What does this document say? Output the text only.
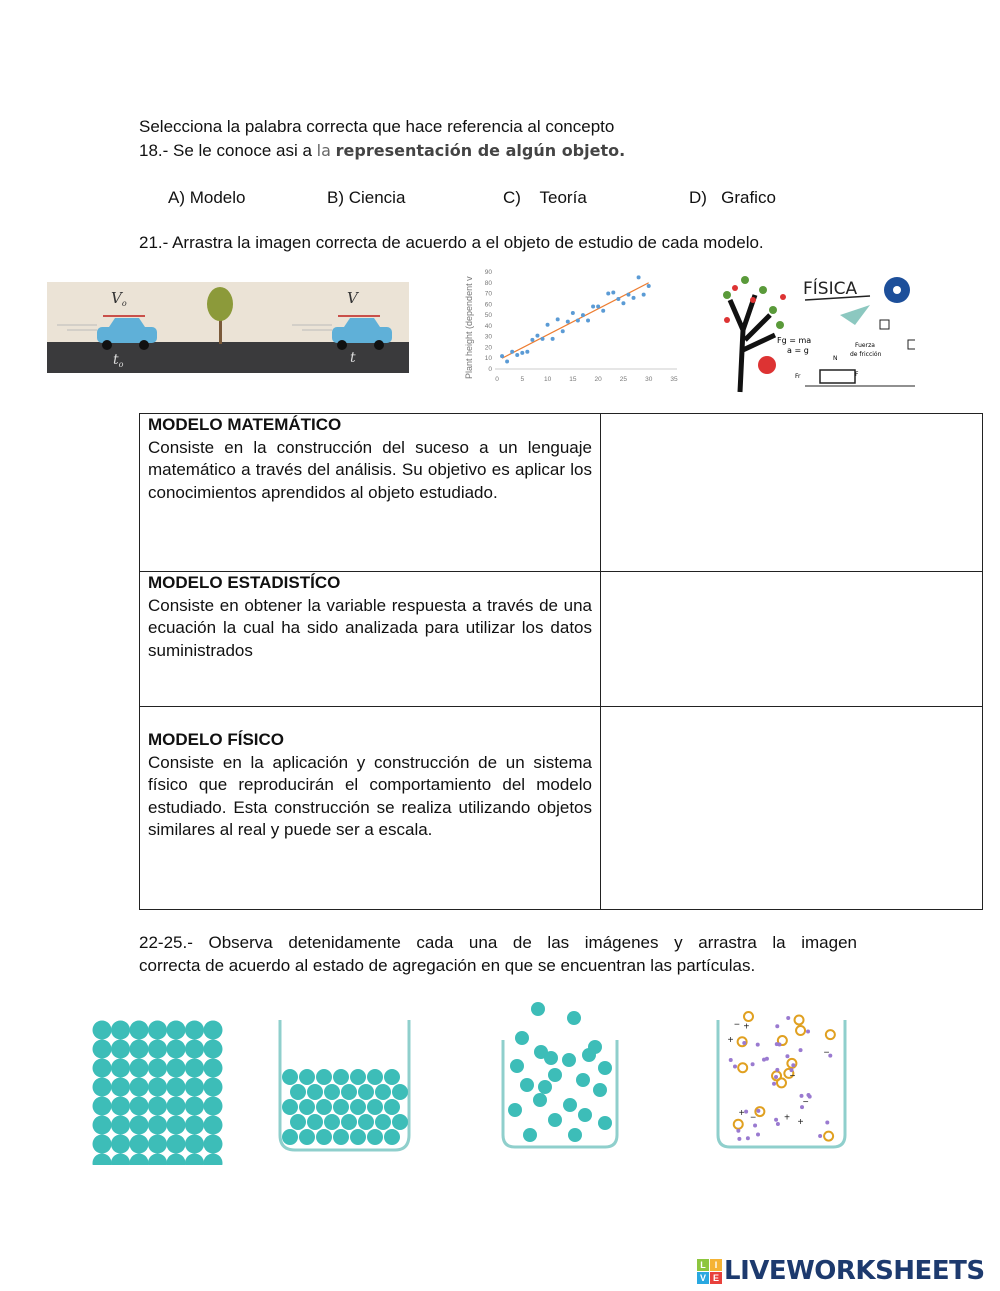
Selecciona la palabra correcta que hace referencia al concepto
18.- Se le conoce asi a la representación de algún objeto.
A) Modelo	B) Ciencia	C)    Teoría	D)   Grafico
21.- Arrastra la imagen correcta de acuerdo a el objeto de estudio de cada modelo.
$V_o$	V
$t_o$	t	Plant height (dependent v
0	5	10	15	20	25	30	35
0
10
20
30
40
50
60
70
80
90
FÍSICA
Fg = ma
a = g
Fuerza
de fricción
N
Fr	F
MODELO MATEMÁTICO
Consiste en la construcción del suceso a un lenguaje matemático a través del análisis. Su objetivo es aplicar los conocimientos aprendidos al objeto estudiado.	

MODELO ESTADISTÍCO
Consiste en obtener la variable respuesta a través de una ecuación la cual ha sido analizada para utilizar los datos suministrados	

MODELO FÍSICO
Consiste en la aplicación y construcción de un sistema físico que reproducirán el comportamiento del modelo estudiado. Esta construcción se realiza utilizando objetos similares al real y puede ser a escala.	

22-25.- Observa detenidamente cada una de las imágenes y arrastra la imagen
correcta de acuerdo al estado de agregación en que se encuentran las partículas.
−
+
−
+
−
+
−
+
−
+
L I
V E LIVEWORKSHEETS
